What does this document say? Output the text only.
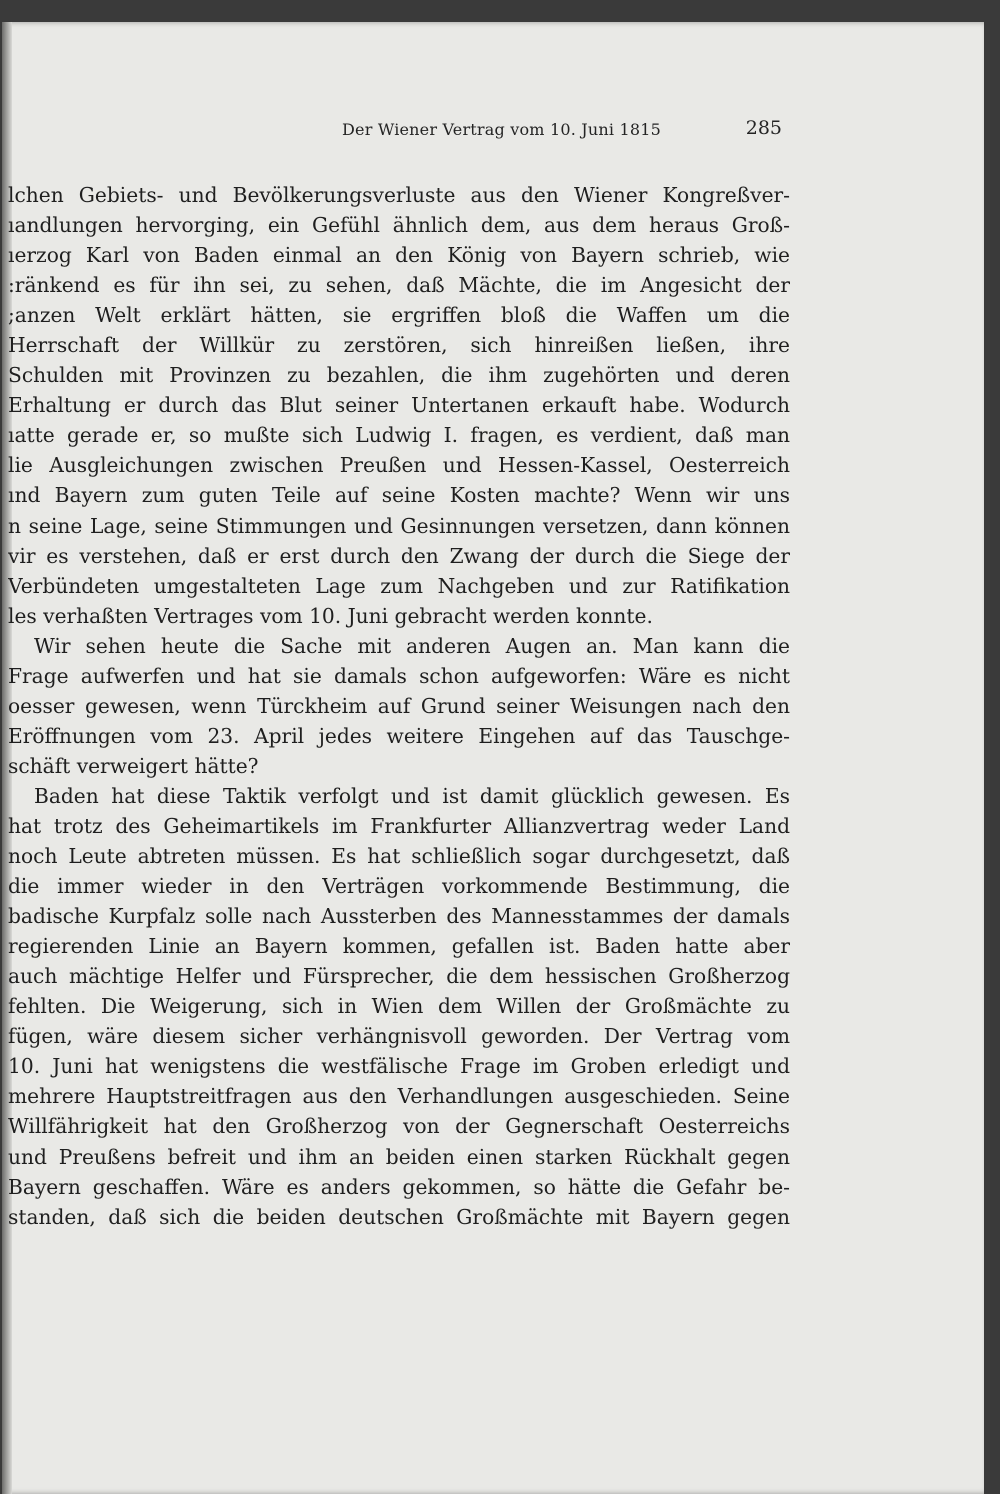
Der Wiener Vertrag vom 10. Juni 1815	285
lchen Gebiets- und Bevölkerungsverluste aus den Wiener Kongreßver-
ıandlungen hervorging, ein Gefühl ähnlich dem, aus dem heraus Groß-
ıerzog Karl von Baden einmal an den König von Bayern schrieb, wie
:ränkend es für ihn sei, zu sehen, daß Mächte, die im Angesicht der
;anzen Welt erklärt hätten, sie ergriffen bloß die Waffen um die
Herrschaft der Willkür zu zerstören, sich hinreißen ließen, ihre
Schulden mit Provinzen zu bezahlen, die ihm zugehörten und deren
Erhaltung er durch das Blut seiner Untertanen erkauft habe. Wodurch
ıatte gerade er, so mußte sich Ludwig I. fragen, es verdient, daß man
lie Ausgleichungen zwischen Preußen und Hessen-Kassel, Oesterreich
ınd Bayern zum guten Teile auf seine Kosten machte? Wenn wir uns
n seine Lage, seine Stimmungen und Gesinnungen versetzen, dann können
vir es verstehen, daß er erst durch den Zwang der durch die Siege der
Verbündeten umgestalteten Lage zum Nachgeben und zur Ratifikation
les verhaßten Vertrages vom 10. Juni gebracht werden konnte.
Wir sehen heute die Sache mit anderen Augen an. Man kann die
Frage aufwerfen und hat sie damals schon aufgeworfen: Wäre es nicht
oesser gewesen, wenn Türckheim auf Grund seiner Weisungen nach den
Eröffnungen vom 23. April jedes weitere Eingehen auf das Tauschge-
schäft verweigert hätte?
Baden hat diese Taktik verfolgt und ist damit glücklich gewesen. Es
hat trotz des Geheimartikels im Frankfurter Allianzvertrag weder Land
noch Leute abtreten müssen. Es hat schließlich sogar durchgesetzt, daß
die immer wieder in den Verträgen vorkommende Bestimmung, die
badische Kurpfalz solle nach Aussterben des Mannesstammes der damals
regierenden Linie an Bayern kommen, gefallen ist. Baden hatte aber
auch mächtige Helfer und Fürsprecher, die dem hessischen Großherzog
fehlten. Die Weigerung, sich in Wien dem Willen der Großmächte zu
fügen, wäre diesem sicher verhängnisvoll geworden. Der Vertrag vom
10. Juni hat wenigstens die westfälische Frage im Groben erledigt und
mehrere Hauptstreitfragen aus den Verhandlungen ausgeschieden. Seine
Willfährigkeit hat den Großherzog von der Gegnerschaft Oesterreichs
und Preußens befreit und ihm an beiden einen starken Rückhalt gegen
Bayern geschaffen. Wäre es anders gekommen, so hätte die Gefahr be-
standen, daß sich die beiden deutschen Großmächte mit Bayern gegen
